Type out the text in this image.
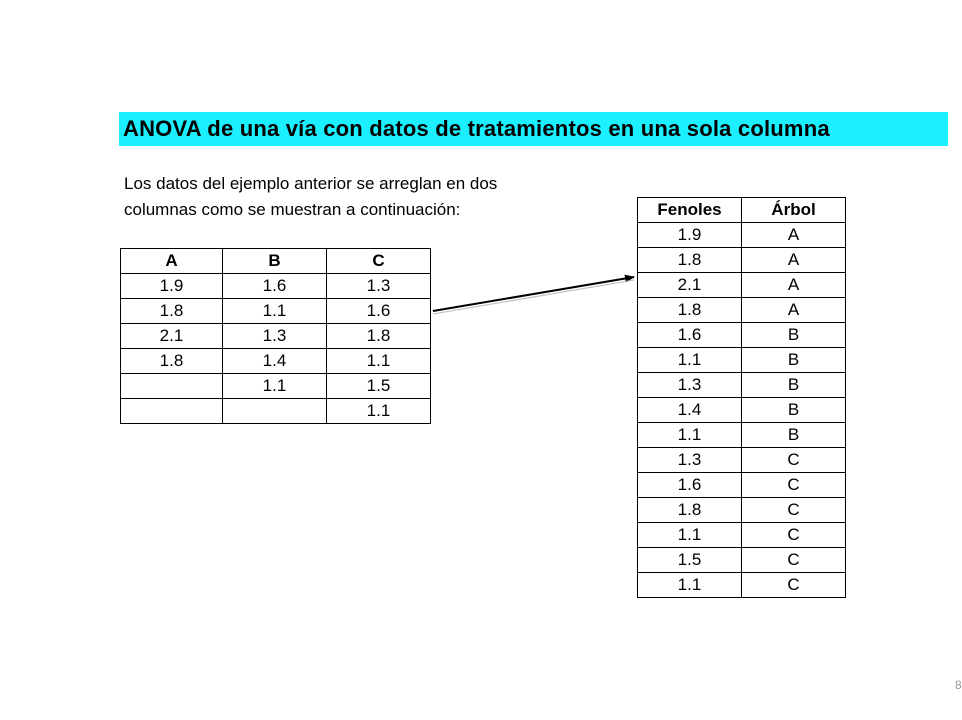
ANOVA de una vía con datos de tratamientos en una sola columna
Los datos del ejemplo anterior se arreglan en dos
columnas como se muestran a continuación:
A	B	C
1.9	1.6	1.3
1.8	1.1	1.6
2.1	1.3	1.8
1.8	1.4	1.1
	1.1	1.5
		1.1
Fenoles	Árbol
1.9	A
1.8	A
2.1	A
1.8	A
1.6	B
1.1	B
1.3	B
1.4	B
1.1	B
1.3	C
1.6	C
1.8	C
1.1	C
1.5	C
1.1	C
8
